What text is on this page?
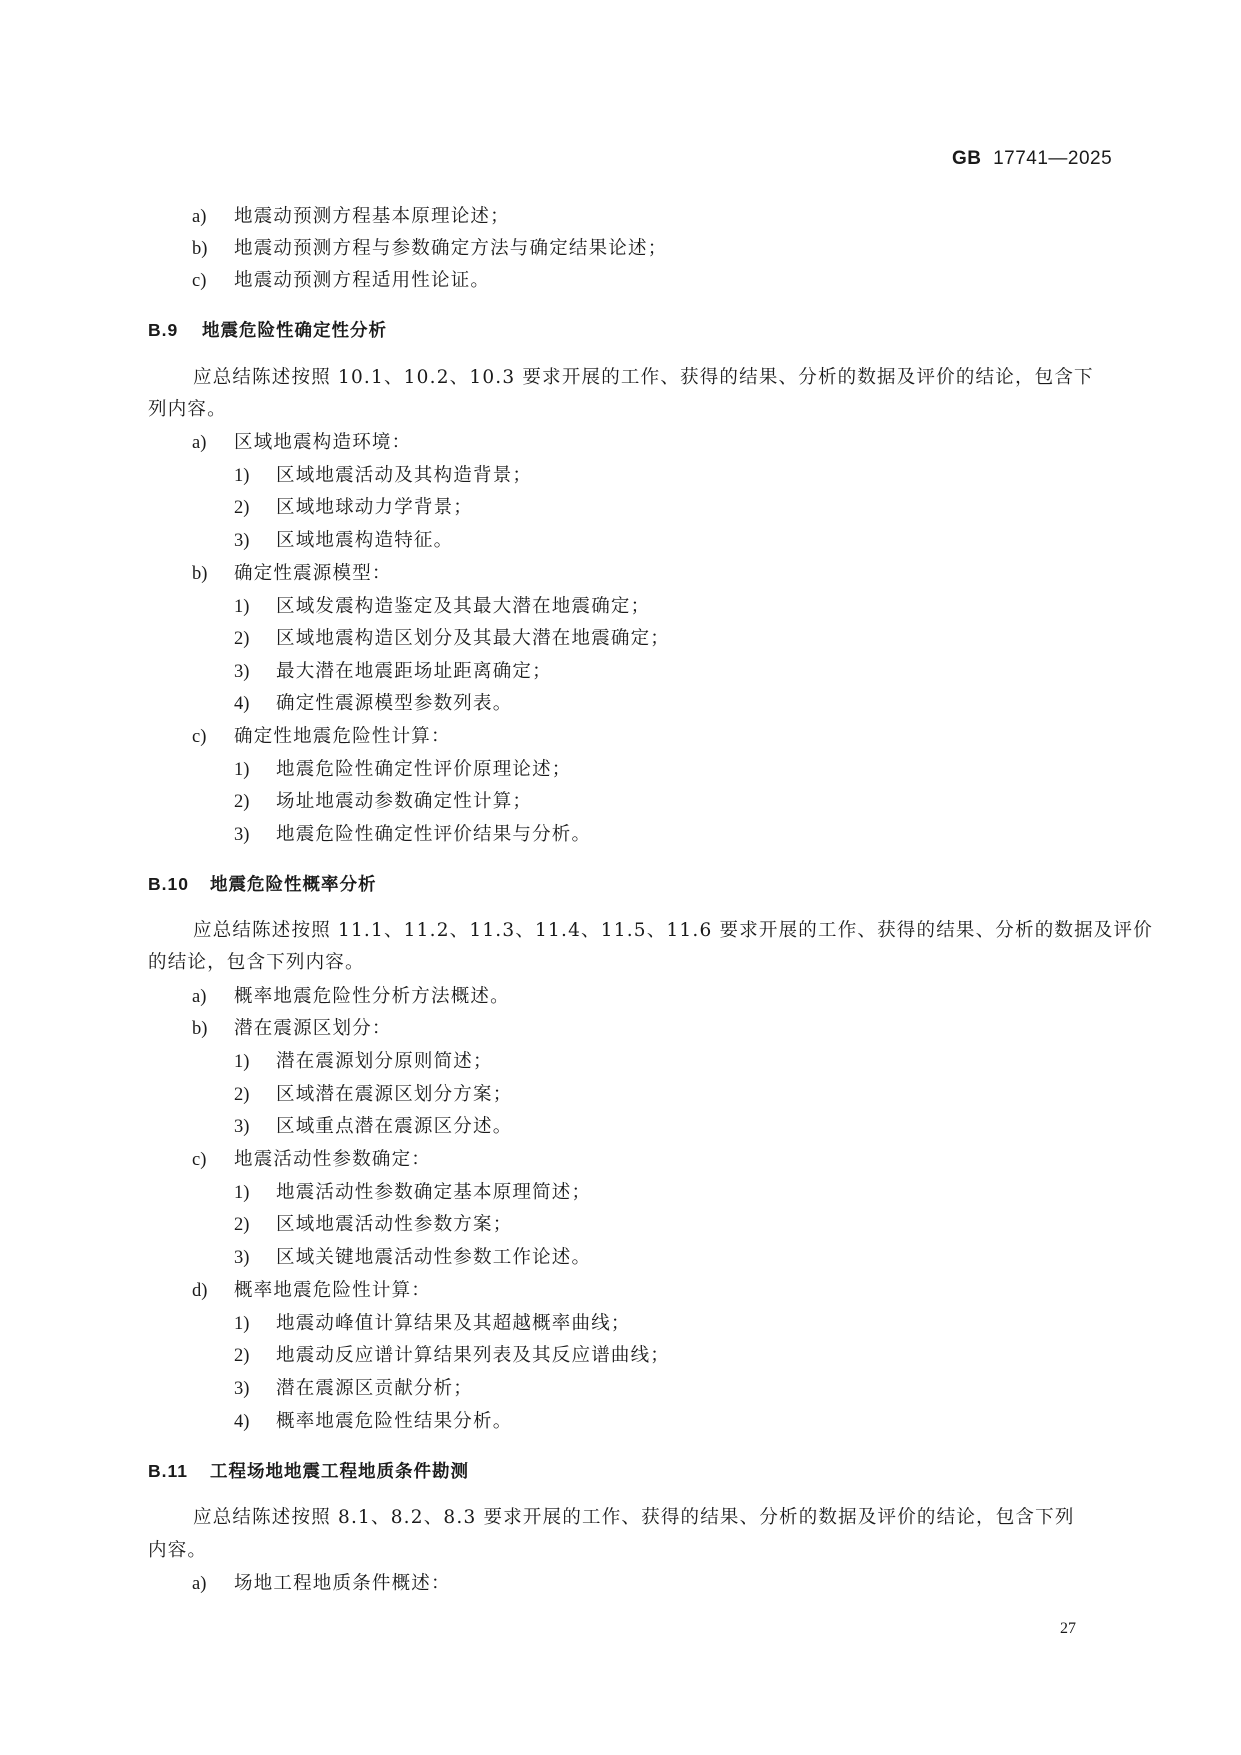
GB 17741—2025
a) 地震动预测方程基本原理论述；
b) 地震动预测方程与参数确定方法与确定结果论述；
c) 地震动预测方程适用性论证。
B.9 地震危险性确定性分析
应总结陈述按照 10.1、10.2、10.3 要求开展的工作、获得的结果、分析的数据及评价的结论，包含下
列内容。
a) 区域地震构造环境：
1) 区域地震活动及其构造背景；
2) 区域地球动力学背景；
3) 区域地震构造特征。
b) 确定性震源模型：
1) 区域发震构造鉴定及其最大潜在地震确定；
2) 区域地震构造区划分及其最大潜在地震确定；
3) 最大潜在地震距场址距离确定；
4) 确定性震源模型参数列表。
c) 确定性地震危险性计算：
1) 地震危险性确定性评价原理论述；
2) 场址地震动参数确定性计算；
3) 地震危险性确定性评价结果与分析。
B.10 地震危险性概率分析
应总结陈述按照 11.1、11.2、11.3、11.4、11.5、11.6 要求开展的工作、获得的结果、分析的数据及评价
的结论，包含下列内容。
a) 概率地震危险性分析方法概述。
b) 潜在震源区划分：
1) 潜在震源划分原则简述；
2) 区域潜在震源区划分方案；
3) 区域重点潜在震源区分述。
c) 地震活动性参数确定：
1) 地震活动性参数确定基本原理简述；
2) 区域地震活动性参数方案；
3) 区域关键地震活动性参数工作论述。
d) 概率地震危险性计算：
1) 地震动峰值计算结果及其超越概率曲线；
2) 地震动反应谱计算结果列表及其反应谱曲线；
3) 潜在震源区贡献分析；
4) 概率地震危险性结果分析。
B.11 工程场地地震工程地质条件勘测
应总结陈述按照 8.1、8.2、8.3 要求开展的工作、获得的结果、分析的数据及评价的结论，包含下列
内容。
a) 场地工程地质条件概述：
27
